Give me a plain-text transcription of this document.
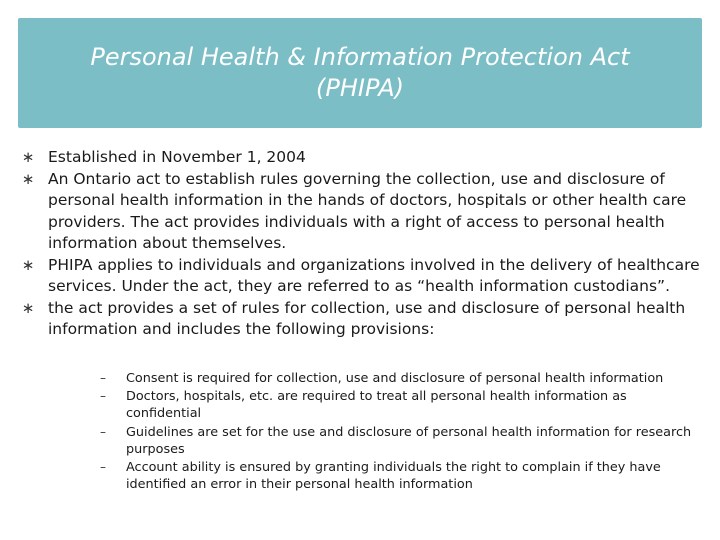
Personal Health & Information Protection Act
(PHIPA)
∗ Established in November 1, 2004
∗ An Ontario act to establish rules governing the collection, use and disclosure of personal health information in the hands of doctors, hospitals or other health care providers. The act provides individuals with a right of access to personal health information about themselves.
∗ PHIPA applies to individuals and organizations involved in the delivery of healthcare services. Under the act, they are referred to as “health information custodians”.
∗ the act provides a set of rules for collection, use and disclosure of personal health information and includes the following provisions:
–	Consent is required for collection, use and disclosure of personal health information
–	Doctors, hospitals, etc. are required to treat all personal health information as confidential
–	Guidelines are set for the use and disclosure of personal health information for research purposes
–	Account ability is ensured by granting individuals the right to complain if they have identified an error in their personal health information
